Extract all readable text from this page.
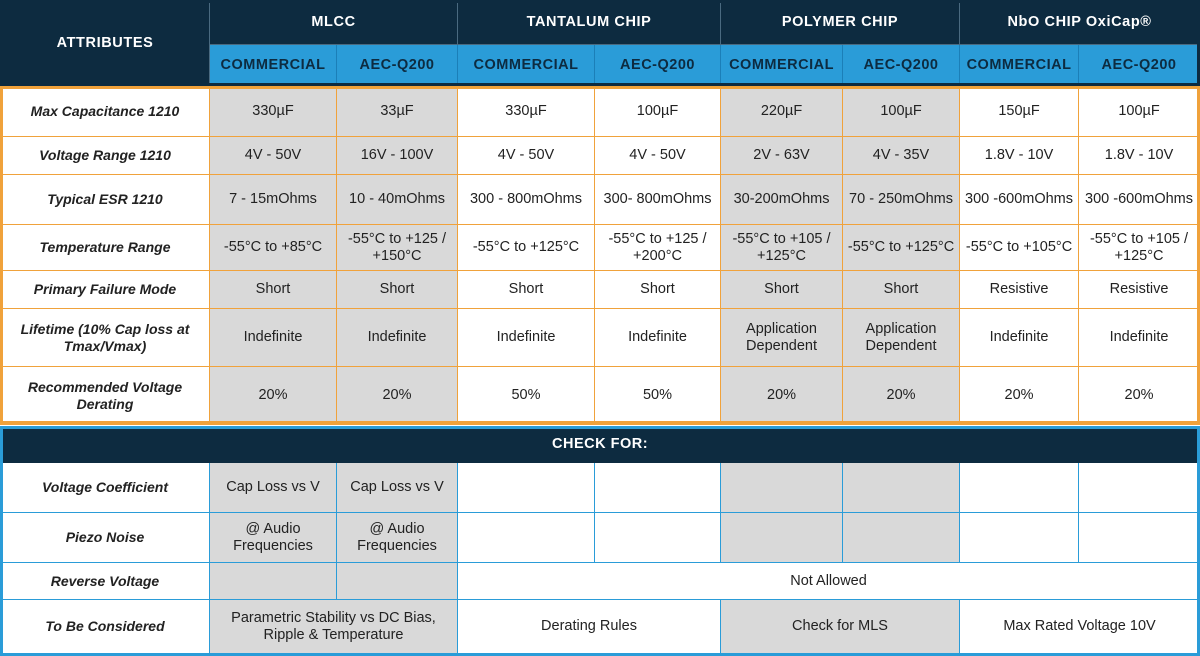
ATTRIBUTES	MLCC		TANTALUM CHIP		POLYMER CHIP		NbO CHIP OxiCap®	
	COMMERCIAL	AEC-Q200	COMMERCIAL	AEC-Q200	COMMERCIAL	AEC-Q200	COMMERCIAL	AEC-Q200
Max Capacitance 1210	330µF	33µF	330µF	100µF	220µF	100µF	150µF	100µF
Voltage Range 1210	4V - 50V	16V - 100V	4V - 50V	4V - 50V	2V - 63V	4V - 35V	1.8V - 10V	1.8V - 10V
Typical ESR 1210	7 - 15mOhms	10 - 40mOhms	300 - 800mOhms	300- 800mOhms	30-200mOhms	70 - 250mOhms	300 -600mOhms	300 -600mOhms
Temperature Range	-55°C to +85°C	-55°C to +125 / +150°C	-55°C to +125°C	-55°C to +125 / +200°C	-55°C to +105 / +125°C	-55°C to +125°C	-55°C to +105°C	-55°C to +105 / +125°C
Primary Failure Mode	Short	Short	Short	Short	Short	Short	Resistive	Resistive
Lifetime (10% Cap loss at Tmax/Vmax)	Indefinite	Indefinite	Indefinite	Indefinite	Application Dependent	Application Dependent	Indefinite	Indefinite
Recommended Voltage Derating	20%	20%	50%	50%	20%	20%	20%	20%
CHECK FOR:								
Voltage Coefficient	Cap Loss vs V	Cap Loss vs V						
Piezo Noise	@ Audio Frequencies	@ Audio Frequencies						
Reverse Voltage			Not Allowed					
To Be Considered	Parametric Stability vs DC Bias, Ripple & Temperature		Derating Rules		Check for MLS		Max Rated Voltage 10V	
